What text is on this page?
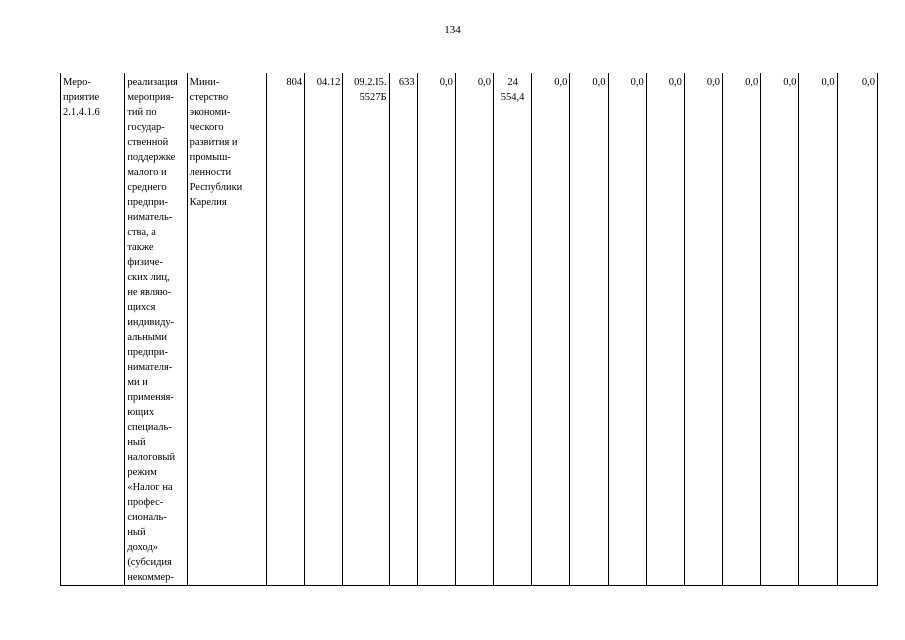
134
Меро-
приятие
2.1.4.1.6	реализация
мероприя-
тий по
государ-
ственной
поддержке
малого и
среднего
предпри-
ниматель-
ства, а
также
физиче-
ских лиц,
не являю-
щихся
индивиду-
альными
предпри-
нимателя-
ми и
применяя-
ющих
специаль-
ный
налоговый
режим
«Налог на
профес-
сиональ-
ный
доход»
(субсидия
некоммер-	Мини-
стерство
экономи-
ческого
развития и
промыш-
ленности
Республики
Карелия	804	04.12	09.2.I5.
5527Б	633	0,0	0,0	24
554,4	0,0	0,0	0,0	0,0	0,0	0,0	0,0	0,0	0,0
